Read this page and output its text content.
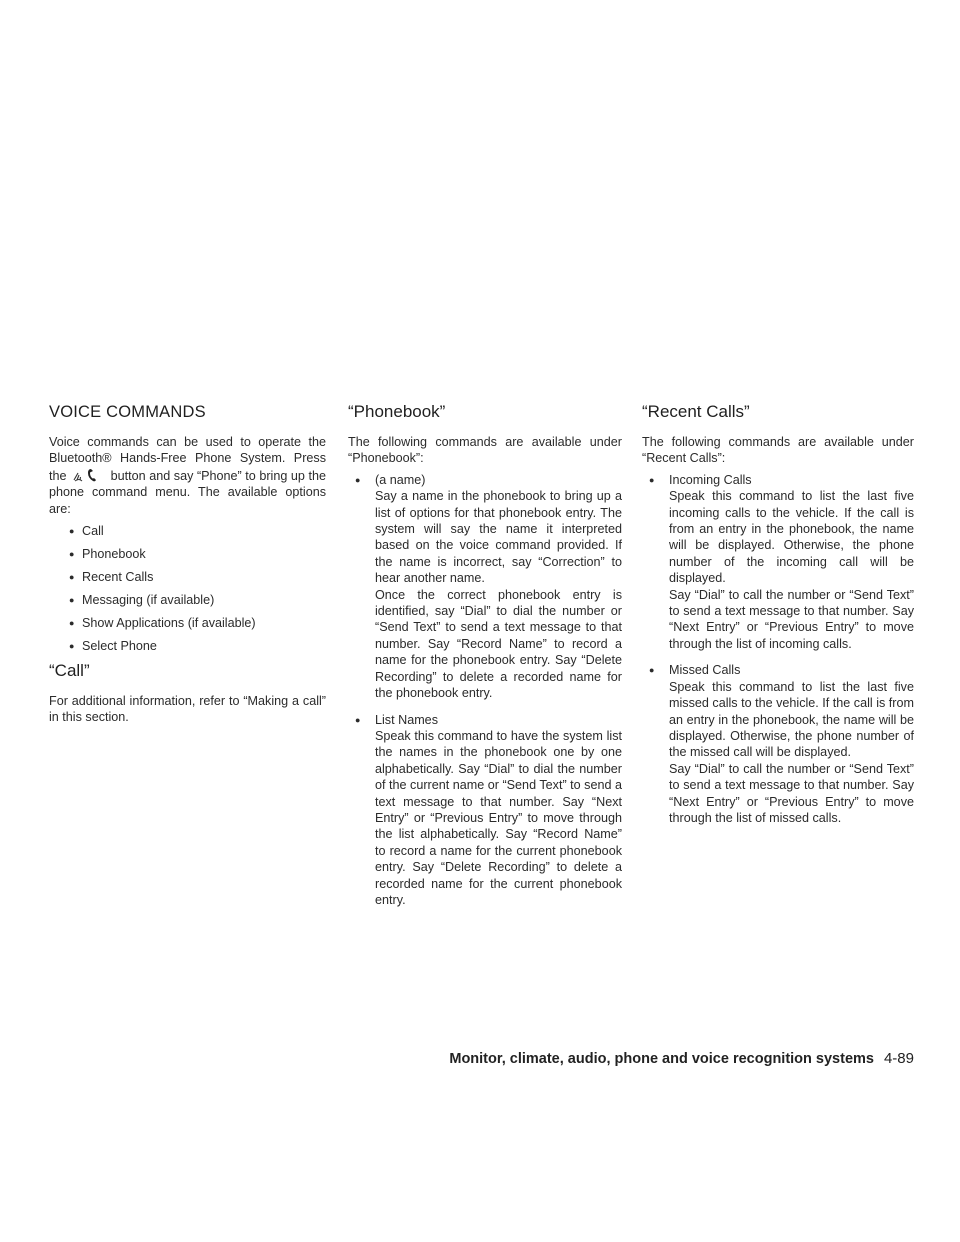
VOICE COMMANDS

Voice commands can be used to operate the Bluetooth® Hands-Free Phone System. Press the	button and say “Phone” to bring up the phone command menu. The available options are:

● Call
● Phonebook
● Recent Calls
● Messaging (if available)
● Show Applications (if available)
● Select Phone
“Call”

For additional information, refer to “Making a call” in this section.

“Phonebook”

The following commands are available under “Phonebook”:

● (a name)
Say a name in the phonebook to bring up a list of options for that phonebook entry. The system will say the name it interpreted based on the voice command provided. If the name is incorrect, say “Correction” to hear another name.
Once the correct phonebook entry is identified, say “Dial” to dial the number or “Send Text” to send a text message to that number. Say “Record Name” to record a name for the phonebook entry. Say “Delete Recording” to delete a recorded name for the phonebook entry.
● List Names
Speak this command to have the system list the names in the phonebook one by one alphabetically. Say “Dial” to dial the number of the current name or “Send Text” to send a text message to that number. Say “Next Entry” or “Previous Entry” to move through the list alphabetically. Say “Record Name” to record a name for the current phonebook entry. Say “Delete Recording” to delete a recorded name for the current phonebook entry.
“Recent Calls”

The following commands are available under “Recent Calls”:

● Incoming Calls
Speak this command to list the last five incoming calls to the vehicle. If the call is from an entry in the phonebook, the name will be displayed. Otherwise, the phone number of the incoming call will be displayed.
Say “Dial” to call the number or “Send Text” to send a text message to that number. Say “Next Entry” or “Previous Entry” to move through the list of incoming calls.
● Missed Calls
Speak this command to list the last five missed calls to the vehicle. If the call is from an entry in the phonebook, the name will be displayed. Otherwise, the phone number of the missed call will be displayed.
Say “Dial” to call the number or “Send Text” to send a text message to that number. Say “Next Entry” or “Previous Entry” to move through the list of missed calls.
Monitor, climate, audio, phone and voice recognition systems 4-89
